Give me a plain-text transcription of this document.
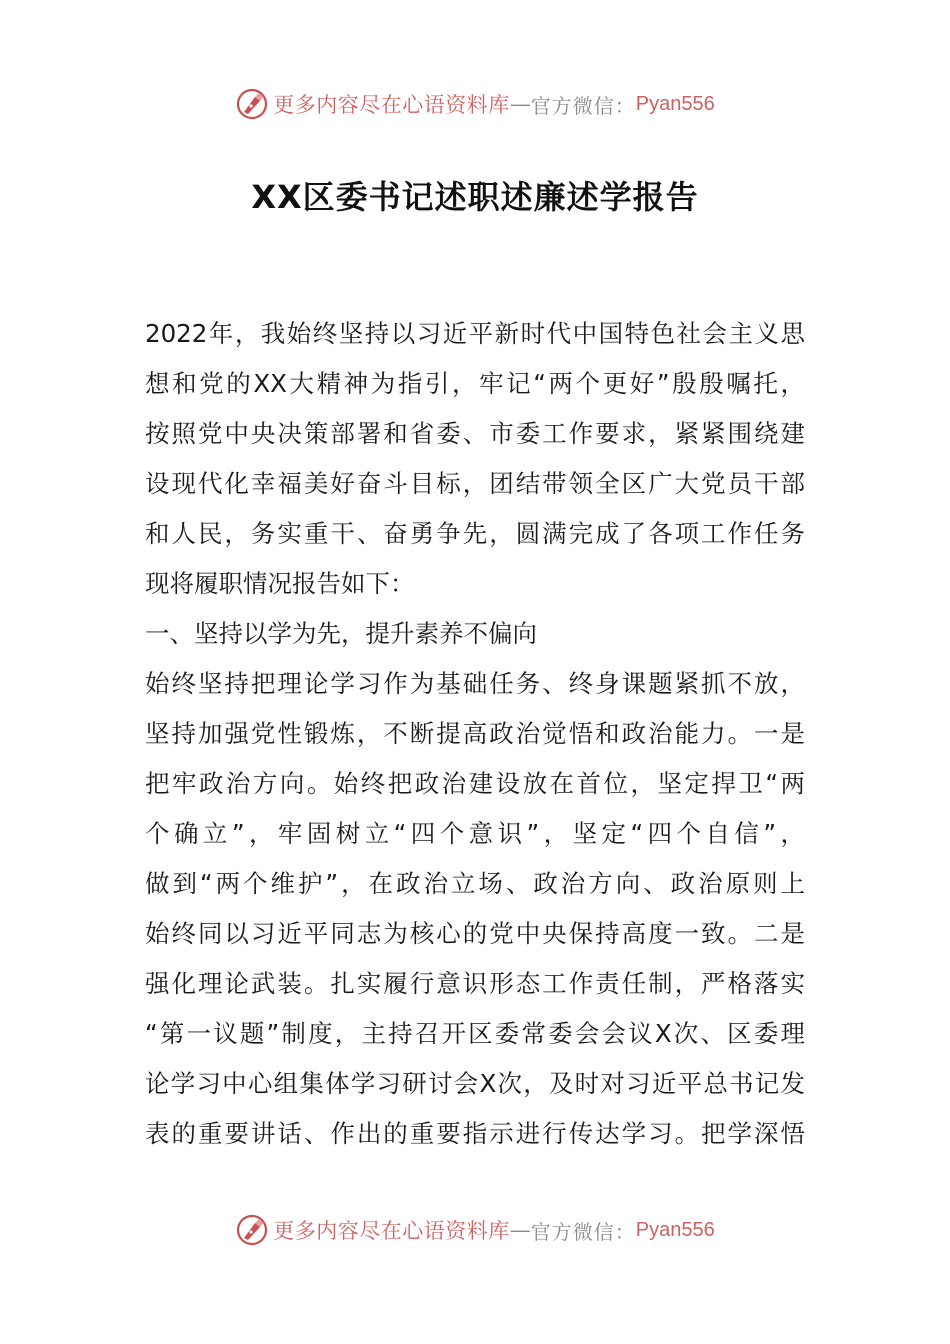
更多内容尽在心语资料库 — 官方微信： Pyan556
XX区委书记述职述廉述学报告
2022年，我始终坚持以习近平新时代中国特色社会主义思
想和党的XX大精神为指引，牢记“两个更好”殷殷嘱托，
按照党中央决策部署和省委、市委工作要求，紧紧围绕建
设现代化幸福美好奋斗目标，团结带领全区广大党员干部
和人民，务实重干、奋勇争先，圆满完成了各项工作任务
现将履职情况报告如下：
一、坚持以学为先，提升素养不偏向
始终坚持把理论学习作为基础任务、终身课题紧抓不放，
坚持加强党性锻炼，不断提高政治觉悟和政治能力。一是
把牢政治方向。始终把政治建设放在首位，坚定捍卫“两
个确立”，牢固树立“四个意识”，坚定“四个自信”，
做到“两个维护”，在政治立场、政治方向、政治原则上
始终同以习近平同志为核心的党中央保持高度一致。二是
强化理论武装。扎实履行意识形态工作责任制，严格落实
“第一议题”制度，主持召开区委常委会会议X次、区委理
论学习中心组集体学习研讨会X次，及时对习近平总书记发
表的重要讲话、作出的重要指示进行传达学习。把学深悟
更多内容尽在心语资料库 — 官方微信： Pyan556
